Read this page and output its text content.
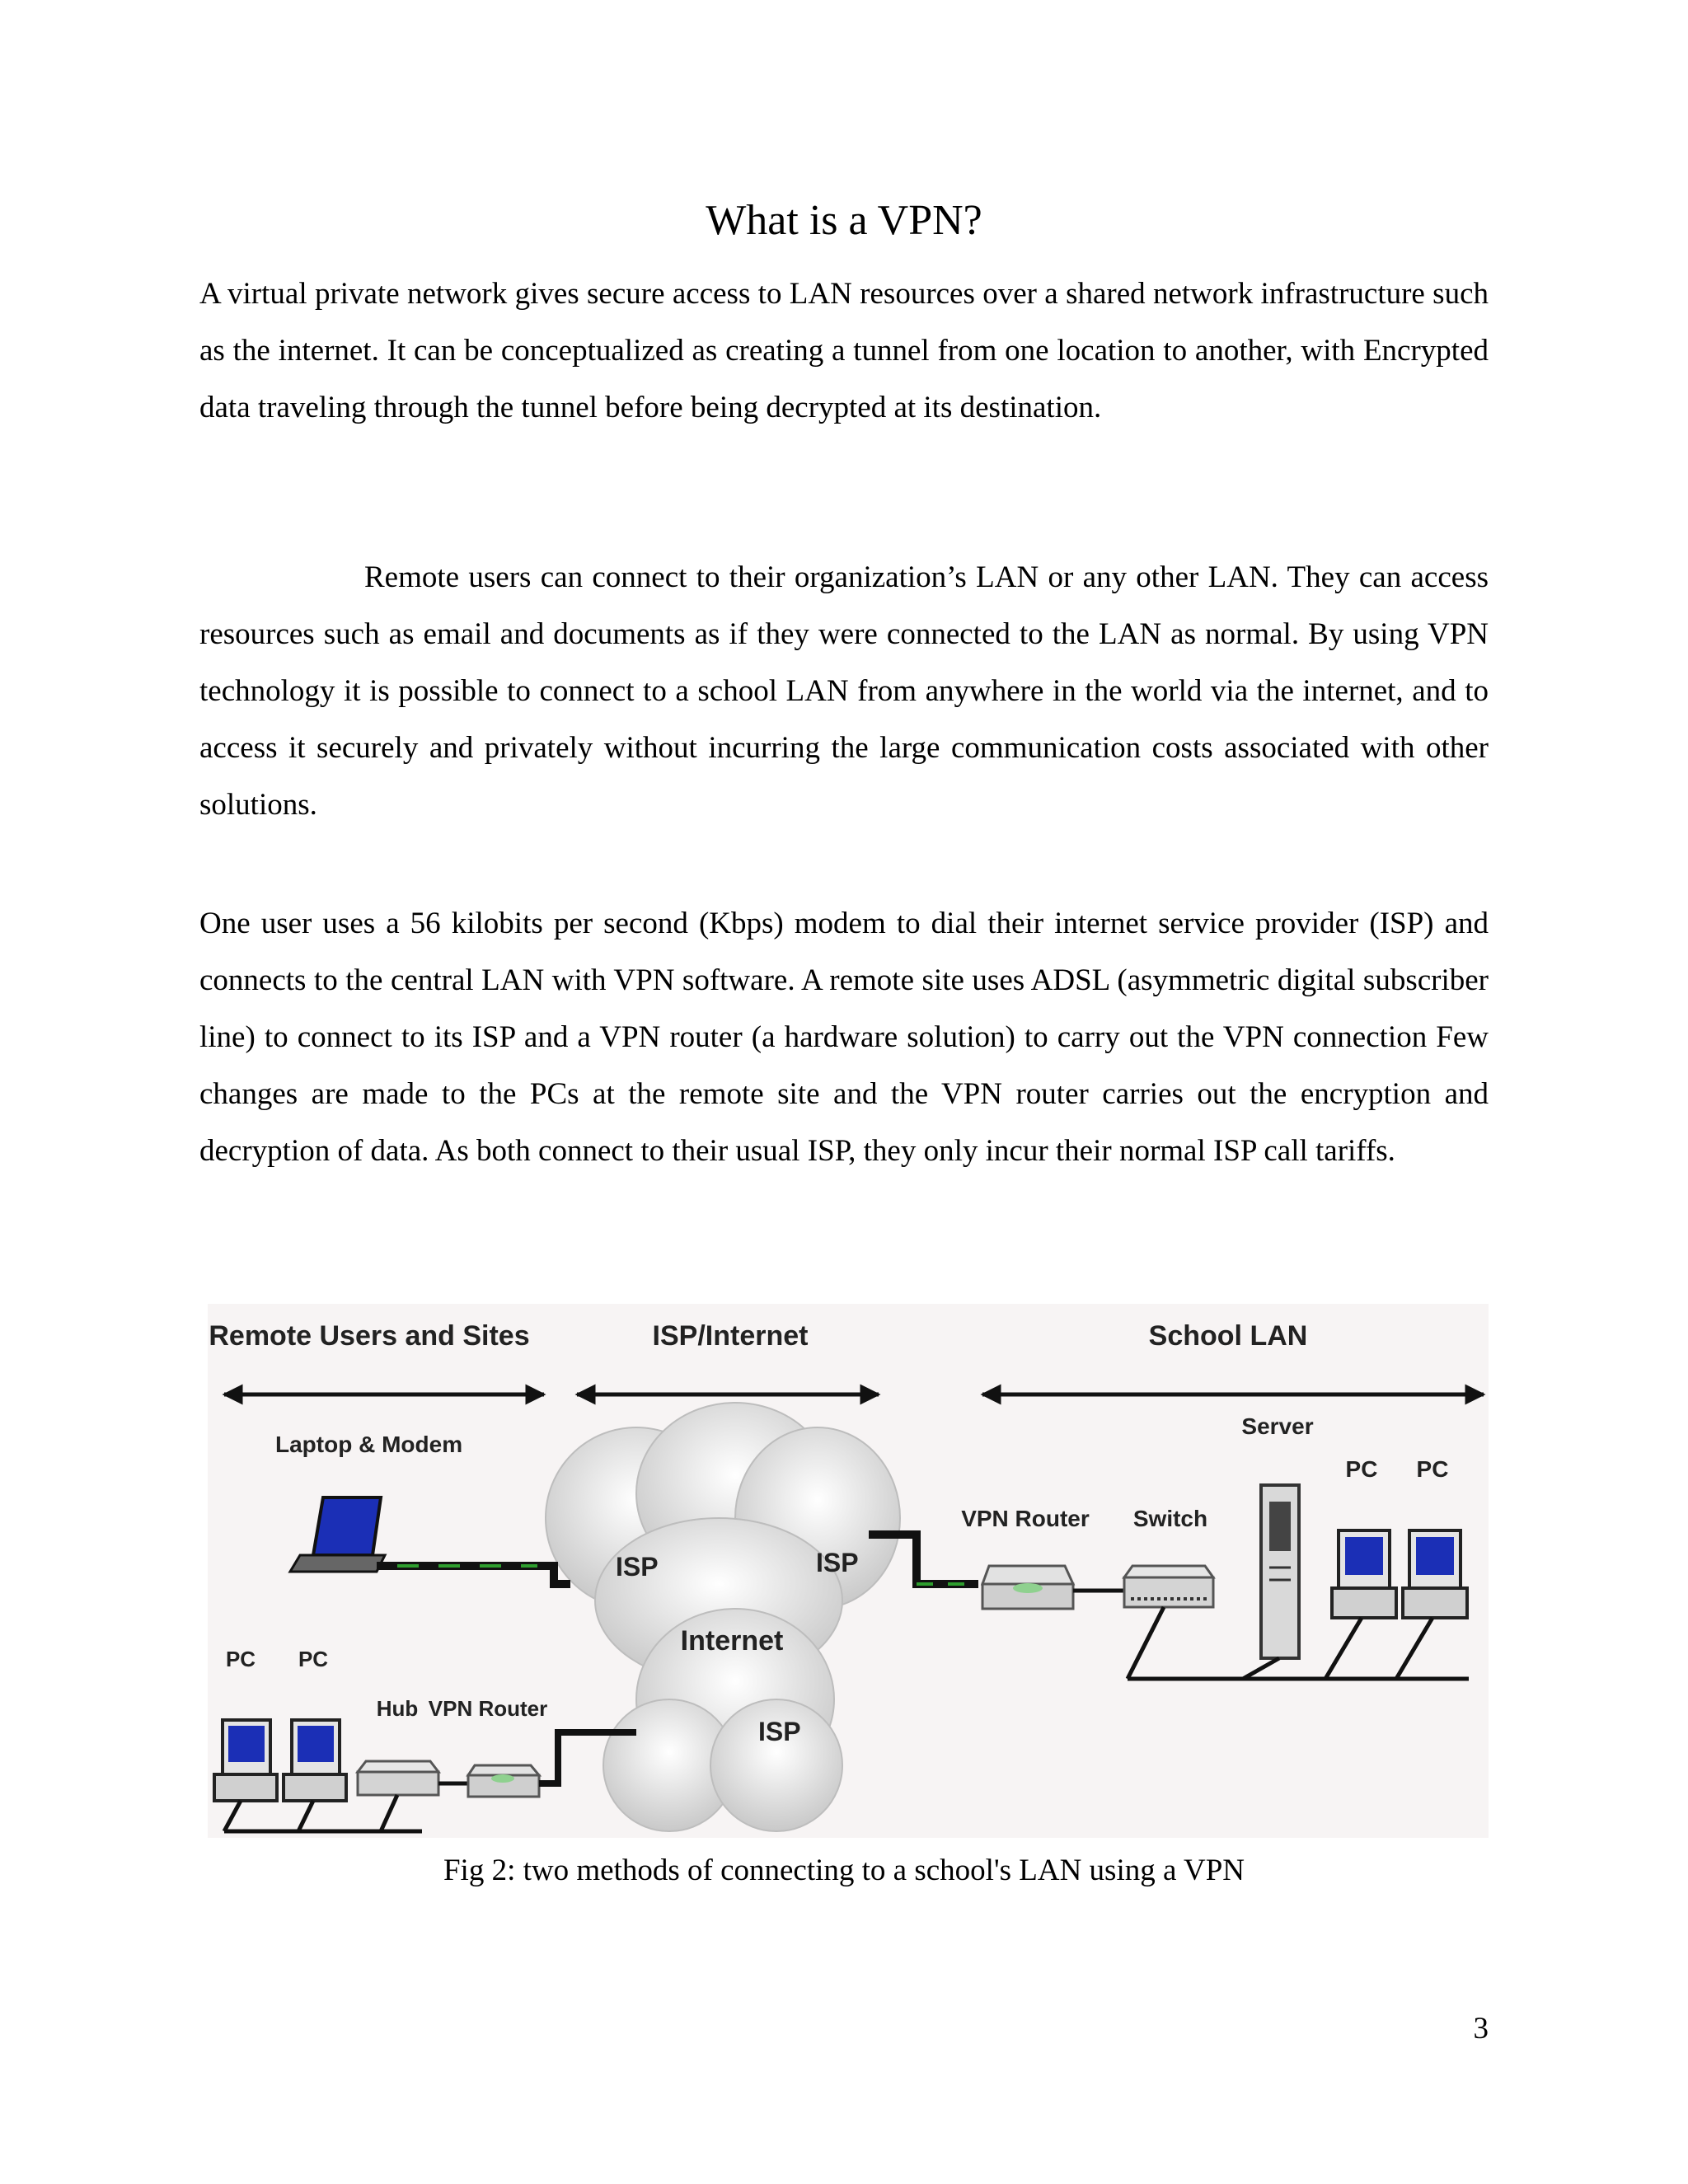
What is a VPN?

A virtual private network gives secure access to LAN resources over a shared network infrastructure such as the internet. It can be conceptualized as creating a tunnel from one location to another, with Encrypted data traveling through the tunnel before being decrypted at its destination.

Remote users can connect to their organization’s LAN or any other LAN. They can access resources such as email and documents as if they were connected to the LAN as normal. By using VPN technology it is possible to connect to a school LAN from anywhere in the world via the internet, and to access it securely and privately without incurring the large communication costs associated with other solutions.

One user uses a 56 kilobits per second (Kbps) modem to dial their internet service provider (ISP) and connects to the central LAN with VPN software. A remote site uses ADSL (asymmetric digital subscriber line) to connect to its ISP and a VPN router (a hardware solution) to carry out the VPN connection Few changes are made to the PCs at the remote site and the VPN router carries out the encryption and decryption of data. As both connect to their usual ISP, they only incur their normal ISP call tariffs.

Remote Users and Sites	ISP/Internet	School LAN
ISP	ISP
Internet
ISP
Laptop & Modem
VPN Router Switch
Server
PC PC
PC PC
Hub VPN Router
Fig 2: two methods of connecting to a school's LAN using a VPN
3
